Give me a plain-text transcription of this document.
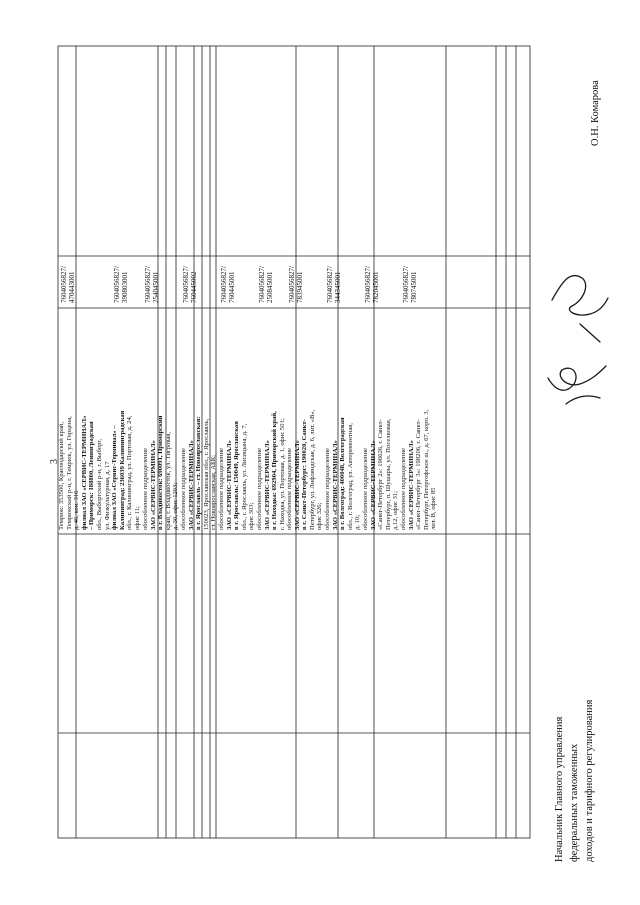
3
Темрюк: 353500, Краснодарский край,
Темрюкский р-н, г. Темрюк, ул. Герцена,
д. 46, кон. 316
филиал ЗАО «СЕРВИС-ТЕРМИНАЛ»
– Приморск: 188800, Ленинградская
обл., Выборгский р-н, г. Выборг,
ул. Физкультурная, д. 17

7604056827/
470443001

филиал ЗАО «Сервис-Терминал» –
Калининград: 236039 Калининградская
обл., г. Калининград, ул. Портовая, д. 24,
офис 11;

7604056827/
390803001

обособленное подразделение
ЗАО «СЕРВИС-ТЕРМИНАЛ»
в г. Владивосток: 690091, Приморский
край, г. Владивосток, ул. Тигровая,
д. 30, офис 1203;

7604056827/
254045001

обособленное подразделение
ЗАО «СЕРВИС-ТЕРМИНАЛ»
в г. Ярославль – ст. Новоярославская:
150023, Ярославская обл., г. Ярославль,
ст. Новоярославская, АБК;

7604056827/
760445002

обособленное подразделение
ЗАО «СЕРВИС-ТЕРМИНАЛ»
в г. Ярославль: 150049, Ярославская
обл., г. Ярославль, ул. Лисицына, д. 7,
офис 303;

7604056827/
760445001

обособленное подразделение
ЗАО «СЕРВИС-ТЕРМИНАЛ»
в г. Находка: 692904, Приморский край,
г. Находка, ул. Портовая, д. 1, офис 501;

7604056827/
250845001

обособленное подразделение
ЗАО «СЕРВИС-ТЕРМИНАЛ»
в г. Санкт-Петербург: 190020, Санкт-
Петербург, ул. Лифляндская, д. 6, лит. «В»,
офис 326;

7604056827/
783945001

обособленное подразделение
ЗАО «СЕРВИС-ТЕРМИНАЛ»
в г. Волгоград: 400048, Волгоградская
обл., г. Волгоград, ул. Авторемонтная,
д. 10;

7604056827/
344345001

обособленное подразделение
ЗАО «СЕРВИС-ТЕРМИНАЛ»
«Санкт-Петербург 2»: 196626, г. Санкт-
Петербург, п. Шушары, ул. Поселковая,
д.12, офис 31;

7604056827/
782045001

обособленное подразделение
ЗАО «СЕРВИС-ТЕРМИНАЛ»
«Санкт-Петербург 3»: 198206, г. Санкт-
Петербург, Петергофское ш., д. 67, корп. 3,
лит. В, офис 85

7604056827/
780745001

Начальник Главного управления федеральных таможенных доходов и тарифного регулирования
О.Н. Комарова
